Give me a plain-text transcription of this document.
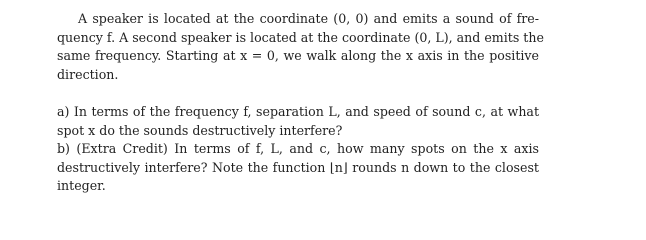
A speaker is located at the coordinate (0, 0) and emits a sound of fre-
quency f. A second speaker is located at the coordinate (0, L), and emits the
same frequency. Starting at x = 0, we walk along the x axis in the positive
direction.
a) In terms of the frequency f, separation L, and speed of sound c, at what
spot x do the sounds destructively interfere?
b) (Extra Credit) In terms of f, L, and c, how many spots on the x axis
destructively interfere? Note the function ⌊n⌋ rounds n down to the closest
integer.
